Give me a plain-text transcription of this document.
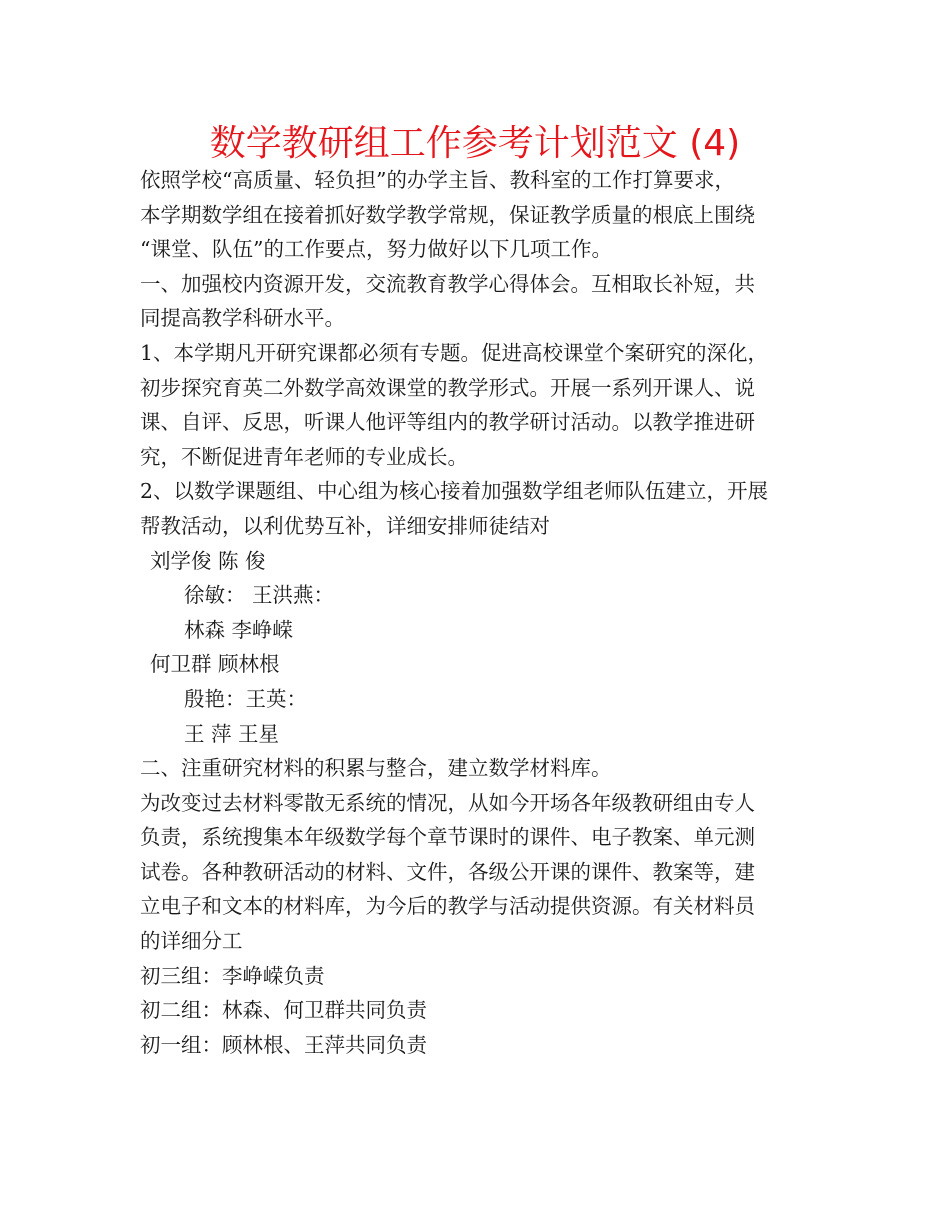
数学教研组工作参考计划范文 (4)
依照学校“高质量、轻负担”的办学主旨、教科室的工作打算要求，
本学期数学组在接着抓好数学教学常规，保证教学质量的根底上围绕
“课堂、队伍”的工作要点，努力做好以下几项工作。
一、加强校内资源开发，交流教育教学心得体会。互相取长补短，共
同提高教学科研水平。
1、本学期凡开研究课都必须有专题。促进高校课堂个案研究的深化，
初步探究育英二外数学高效课堂的教学形式。开展一系列开课人、说
课、自评、反思，听课人他评等组内的教学研讨活动。以教学推进研
究，不断促进青年老师的专业成长。
2、以数学课题组、中心组为核心接着加强数学组老师队伍建立，开展
帮教活动，以利优势互补，详细安排师徒结对
刘学俊 陈 俊
徐敏： 王洪燕：
林森 李峥嵘
何卫群 顾林根
殷艳：王英：
王 萍 王星
二、注重研究材料的积累与整合，建立数学材料库。
为改变过去材料零散无系统的情况，从如今开场各年级教研组由专人
负责，系统搜集本年级数学每个章节课时的课件、电子教案、单元测
试卷。各种教研活动的材料、文件，各级公开课的课件、教案等，建
立电子和文本的材料库，为今后的教学与活动提供资源。有关材料员
的详细分工
初三组：李峥嵘负责
初二组：林森、何卫群共同负责
初一组：顾林根、王萍共同负责
